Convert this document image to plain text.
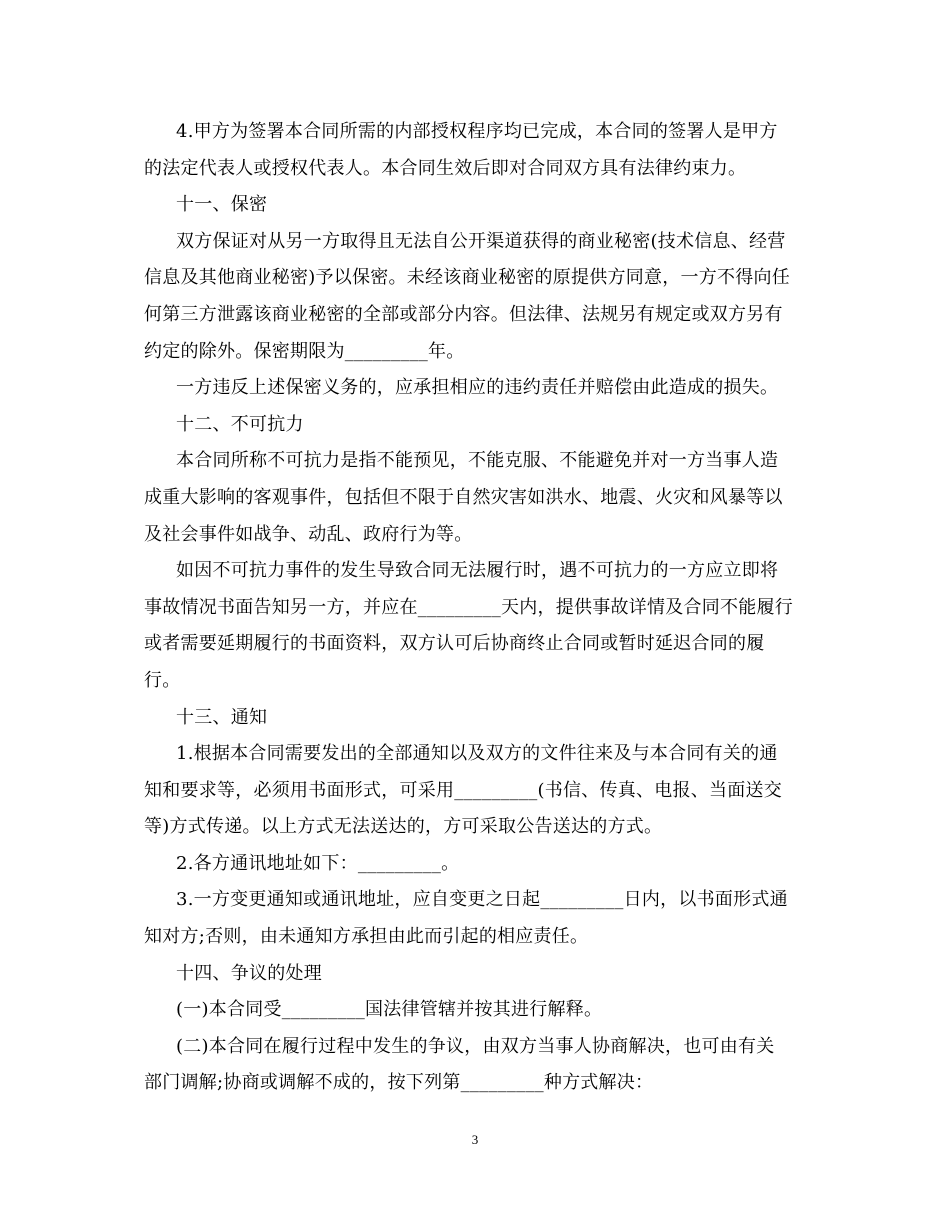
4.甲方为签署本合同所需的内部授权程序均已完成，本合同的签署人是甲方
的法定代表人或授权代表人。本合同生效后即对合同双方具有法律约束力。
十一、保密
双方保证对从另一方取得且无法自公开渠道获得的商业秘密(技术信息、经营
信息及其他商业秘密)予以保密。未经该商业秘密的原提供方同意，一方不得向任
何第三方泄露该商业秘密的全部或部分内容。但法律、法规另有规定或双方另有
约定的除外。保密期限为_________年。
一方违反上述保密义务的，应承担相应的违约责任并赔偿由此造成的损失。
十二、不可抗力
本合同所称不可抗力是指不能预见，不能克服、不能避免并对一方当事人造
成重大影响的客观事件，包括但不限于自然灾害如洪水、地震、火灾和风暴等以
及社会事件如战争、动乱、政府行为等。
如因不可抗力事件的发生导致合同无法履行时，遇不可抗力的一方应立即将
事故情况书面告知另一方，并应在_________天内，提供事故详情及合同不能履行
或者需要延期履行的书面资料，双方认可后协商终止合同或暂时延迟合同的履
行。
十三、通知
1.根据本合同需要发出的全部通知以及双方的文件往来及与本合同有关的通
知和要求等，必须用书面形式，可采用_________(书信、传真、电报、当面送交
等)方式传递。以上方式无法送达的，方可采取公告送达的方式。
2.各方通讯地址如下：_________。
3.一方变更通知或通讯地址，应自变更之日起_________日内，以书面形式通
知对方;否则，由未通知方承担由此而引起的相应责任。
十四、争议的处理
(一)本合同受_________国法律管辖并按其进行解释。
(二)本合同在履行过程中发生的争议，由双方当事人协商解决，也可由有关
部门调解;协商或调解不成的，按下列第_________种方式解决：
3
